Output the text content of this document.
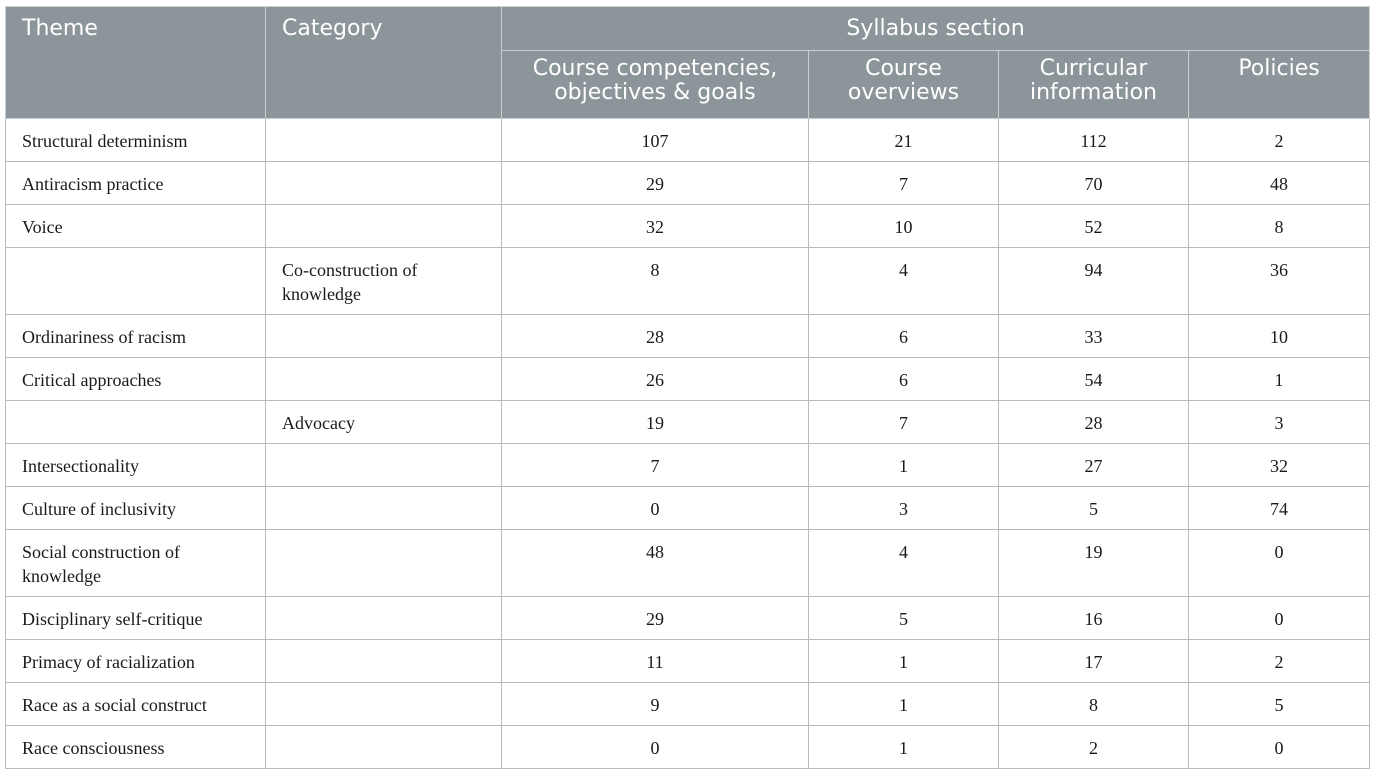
Theme	Category	Syllabus section			
		Course competencies, objectives & goals	Course overviews	Curricular information	Policies
Structural determinism		107	21	112	2
Antiracism practice		29	7	70	48
Voice		32	10	52	8
	Co-construction of knowledge	8	4	94	36
Ordinariness of racism		28	6	33	10
Critical approaches		26	6	54	1
	Advocacy	19	7	28	3
Intersectionality		7	1	27	32
Culture of inclusivity		0	3	5	74
Social construction of knowledge		48	4	19	0
Disciplinary self-critique		29	5	16	0
Primacy of racialization		11	1	17	2
Race as a social construct		9	1	8	5
Race consciousness		0	1	2	0
